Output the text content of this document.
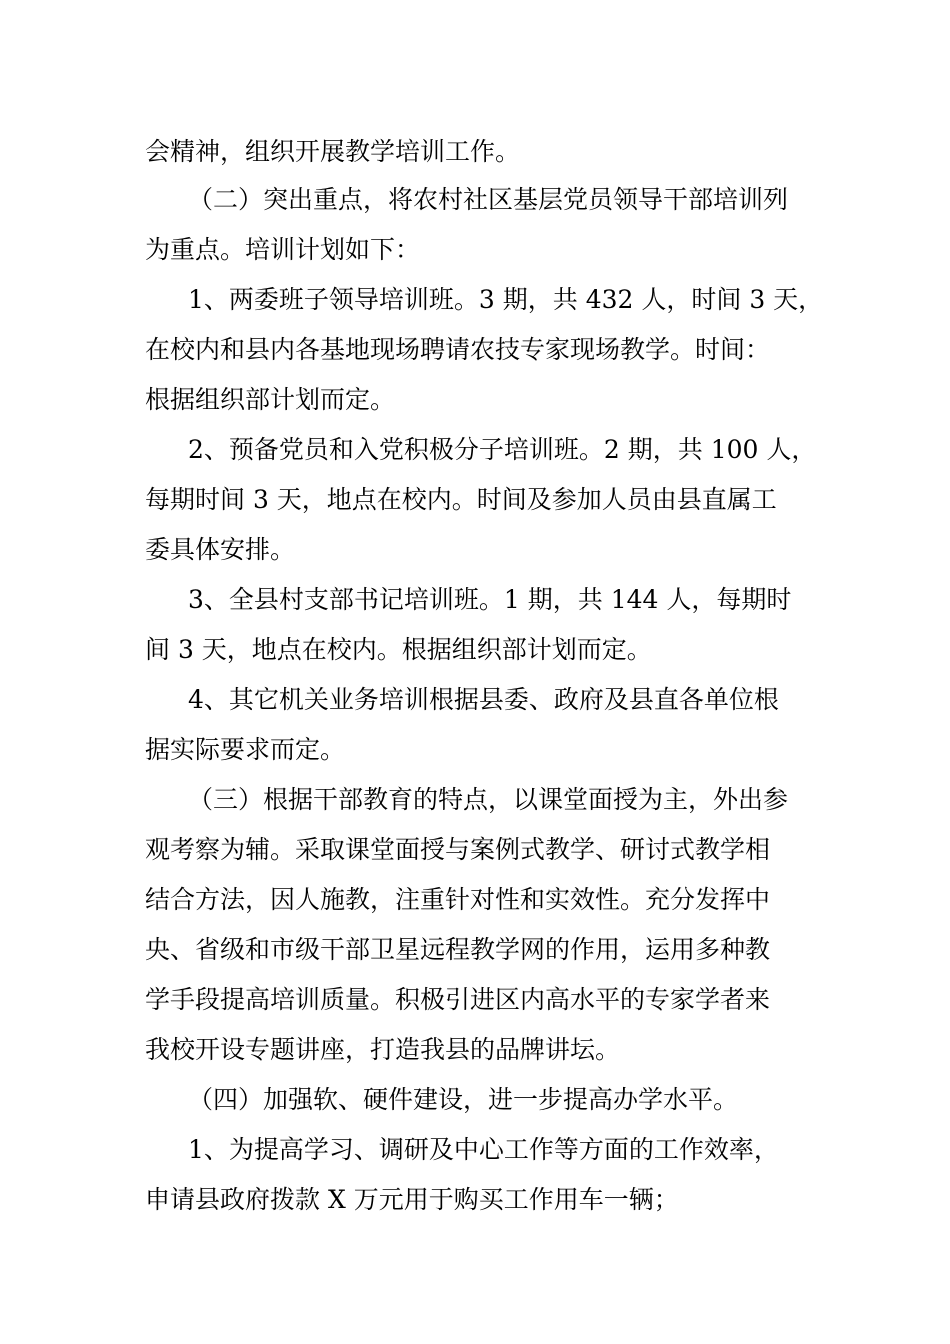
会精神，组织开展教学培训工作。
（二）突出重点，将农村社区基层党员领导干部培训列
为重点。培训计划如下：
1、两委班子领导培训班。3 期，共 432 人，时间 3 天，
在校内和县内各基地现场聘请农技专家现场教学。时间：
根据组织部计划而定。
2、预备党员和入党积极分子培训班。2 期，共 100 人，
每期时间 3 天，地点在校内。时间及参加人员由县直属工
委具体安排。
3、全县村支部书记培训班。1 期，共 144 人，每期时
间 3 天，地点在校内。根据组织部计划而定。
4、其它机关业务培训根据县委、政府及县直各单位根
据实际要求而定。
（三）根据干部教育的特点，以课堂面授为主，外出参
观考察为辅。采取课堂面授与案例式教学、研讨式教学相
结合方法，因人施教，注重针对性和实效性。充分发挥中
央、省级和市级干部卫星远程教学网的作用，运用多种教
学手段提高培训质量。积极引进区内高水平的专家学者来
我校开设专题讲座，打造我县的品牌讲坛。
（四）加强软、硬件建设，进一步提高办学水平。
1、为提高学习、调研及中心工作等方面的工作效率，
申请县政府拨款 X 万元用于购买工作用车一辆；
